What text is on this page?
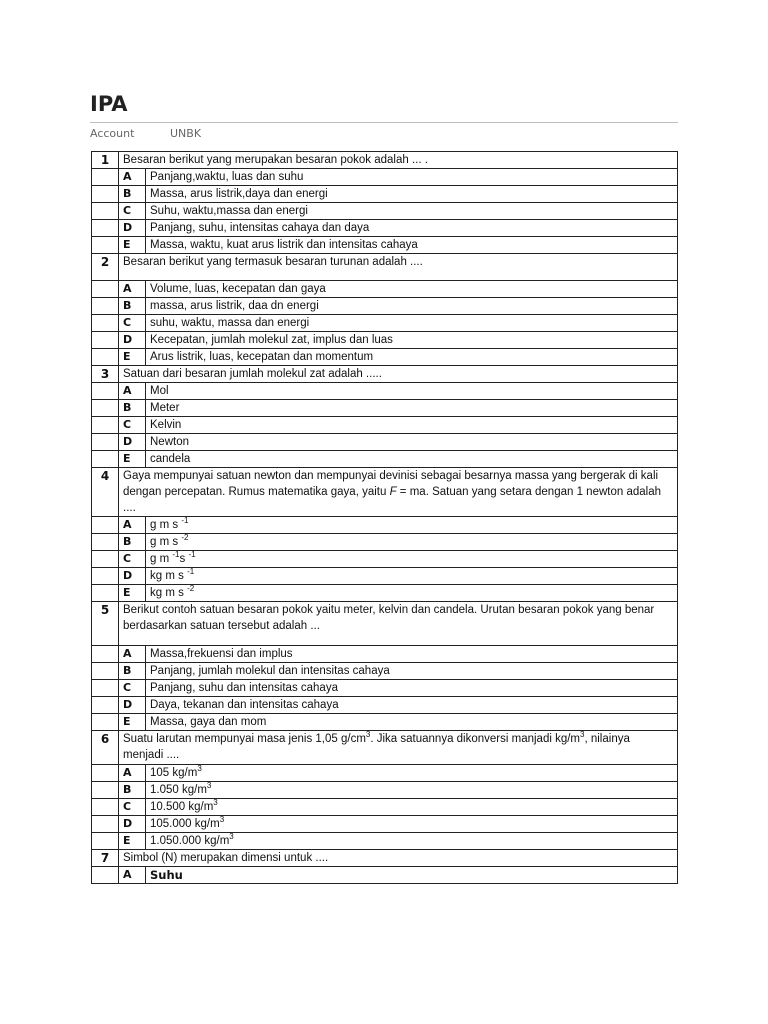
IPA
Account	UNBK
1	Besaran berikut yang merupakan besaran pokok adalah ... .	
	A	Panjang,waktu, luas dan suhu
	B	Massa, arus listrik,daya dan energi
	C	Suhu, waktu,massa dan energi
	D	Panjang, suhu, intensitas cahaya dan daya
	E	Massa, waktu, kuat arus listrik dan intensitas cahaya
2	Besaran berikut yang termasuk besaran turunan adalah ....	
	A	Volume, luas, kecepatan dan gaya
	B	massa, arus listrik, daa dn energi
	C	suhu, waktu, massa dan energi
	D	Kecepatan, jumlah molekul zat, implus dan luas
	E	Arus listrik, luas, kecepatan dan momentum
3	Satuan dari besaran jumlah molekul zat adalah .....	
	A	Mol
	B	Meter
	C	Kelvin
	D	Newton
	E	candela
4	Gaya mempunyai satuan newton dan mempunyai devinisi sebagai besarnya massa yang bergerak di kali dengan percepatan. Rumus matematika gaya, yaitu F = ma. Satuan yang setara dengan 1 newton adalah ....	
	A	g m s $^{-1}$
	B	g m s $^{-2}$
	C	g m $^{-1}$s $^{-1}$
	D	kg m s $^{-1}$
	E	kg m s $^{-2}$
5	Berikut contoh satuan besaran pokok yaitu meter, kelvin dan candela. Urutan besaran pokok yang benar berdasarkan satuan tersebut adalah ...	
	A	Massa,frekuensi dan implus
	B	Panjang, jumlah molekul dan intensitas cahaya
	C	Panjang, suhu dan intensitas cahaya
	D	Daya, tekanan dan intensitas cahaya
	E	Massa, gaya dan mom
6	Suatu larutan mempunyai masa jenis 1,05 $g/cm^3$. Jika satuannya dikonversi manjadi $kg/m^3$, nilainya menjadi ....	
	A	105 $kg/m^3$
	B	1.050 $kg/m^3$
	C	10.500 $kg/m^3$
	D	105.000 $kg/m^3$
	E	1.050.000 $kg/m^3$
7	Simbol (N) merupakan dimensi untuk ....	
	A	Suhu
